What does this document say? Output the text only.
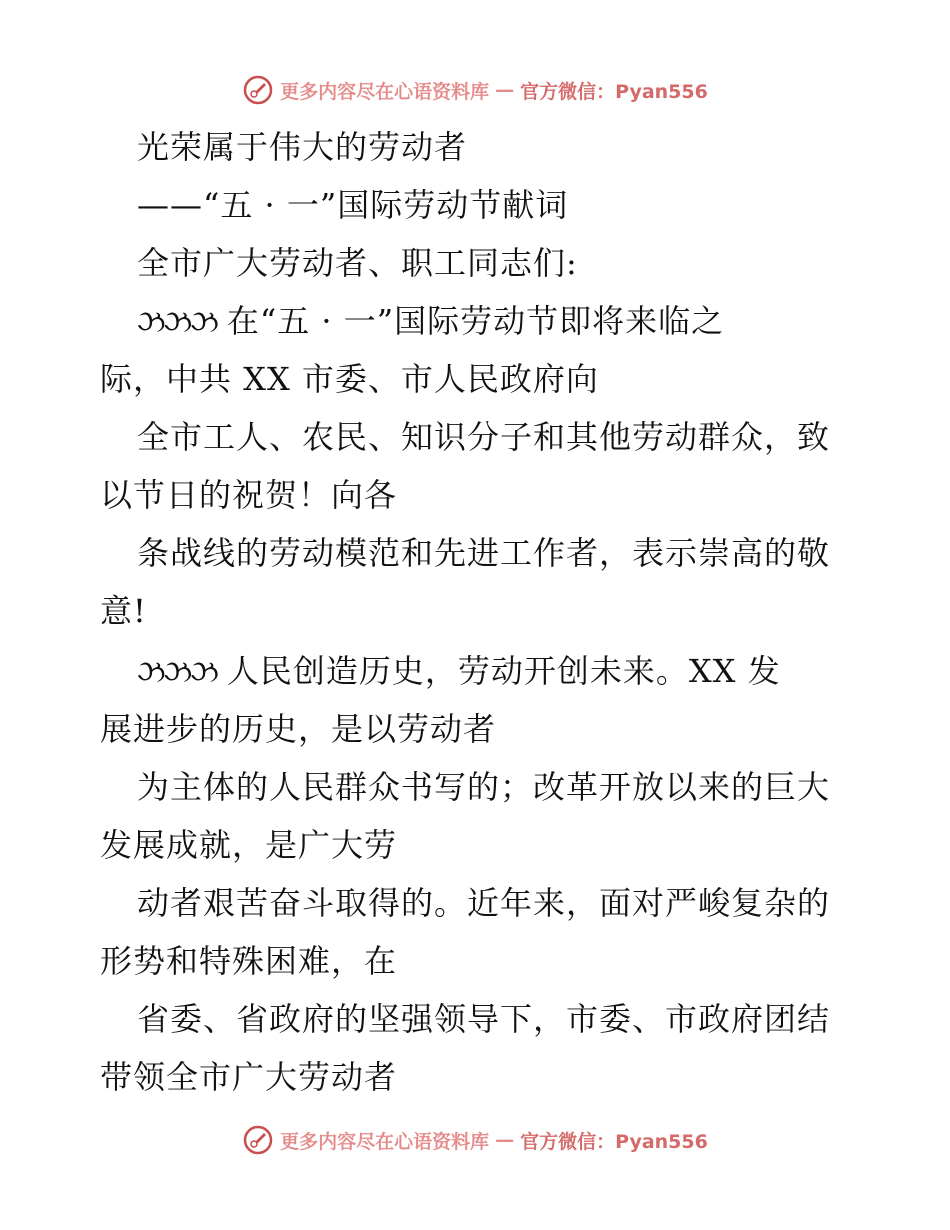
更多内容尽在心语资料库 — 官方微信：Pyan556
光荣属于伟大的劳动者
——“五 · 一”国际劳动节献词
全市广大劳动者、职工同志们:
ઝઝઝ 在“五 · 一”国际劳动节即将来临之
际，中共 XX 市委、市人民政府向
全市工人、农民、知识分子和其他劳动群众，致
以节日的祝贺！向各
条战线的劳动模范和先进工作者，表示崇高的敬
意!
ઝઝઝ 人民创造历史，劳动开创未来。XX 发
展进步的历史，是以劳动者
为主体的人民群众书写的；改革开放以来的巨大
发展成就，是广大劳
动者艰苦奋斗取得的。近年来，面对严峻复杂的
形势和特殊困难，在
省委、省政府的坚强领导下，市委、市政府团结
带领全市广大劳动者
更多内容尽在心语资料库 — 官方微信：Pyan556
